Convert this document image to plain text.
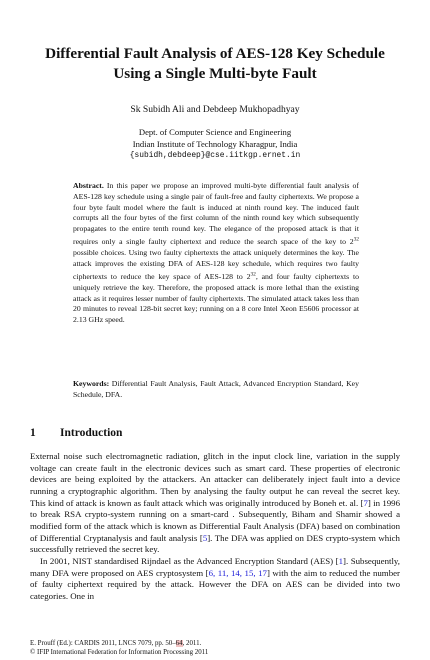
Differential Fault Analysis of AES-128 Key Schedule Using a Single Multi-byte Fault
Sk Subidh Ali and Debdeep Mukhopadhyay
Dept. of Computer Science and Engineering
Indian Institute of Technology Kharagpur, India
{subidh,debdeep}@cse.iitkgp.ernet.in
Abstract. In this paper we propose an improved multi-byte differential fault analysis of AES-128 key schedule using a single pair of fault-free and faulty ciphertexts. We propose a four byte fault model where the fault is induced at ninth round key. The induced fault corrupts all the four bytes of the first column of the ninth round key which subsequently propagates to the entire tenth round key. The elegance of the proposed attack is that it requires only a single faulty ciphertext and reduce the search space of the key to $2^{32}$ possible choices. Using two faulty ciphertexts the attack uniquely determines the key. The attack improves the existing DFA of AES-128 key schedule, which requires two faulty ciphertexts to reduce the key space of AES-128 to $2^{32}$, and four faulty ciphertexts to uniquely retrieve the key. Therefore, the proposed attack is more lethal than the existing attack as it requires lesser number of faulty ciphertexts. The simulated attack takes less than 20 minutes to reveal 128-bit secret key; running on a 8 core Intel Xeon E5606 processor at 2.13 GHz speed.
Keywords: Differential Fault Analysis, Fault Attack, Advanced Encryption Standard, Key Schedule, DFA.
1 Introduction

External noise such electromagnetic radiation, glitch in the input clock line, variation in the supply voltage can create fault in the electronic devices such as smart card. These properties of electronic devices are being exploited by the attackers. An attacker can deliberately inject fault into a device running a cryptographic algorithm. Then by analysing the faulty output he can reveal the secret key. This kind of attack is known as fault attack which was originally introduced by Boneh et. al. [7] in 1996 to break RSA crypto-system running on a smart-card . Subsequently, Biham and Shamir showed a modified form of the attack which is known as Differential Fault Analysis (DFA) based on combination of Differential Cryptanalysis and fault analysis [5]. The DFA was applied on DES crypto-system which successfully retrieved the secret key.

In 2001, NIST standardised Rijndael as the Advanced Encryption Standard (AES) [1]. Subsequently, many DFA were proposed on AES cryptosystem [6, 11, 14, 15, 17] with the aim to reduced the number of faulty ciphertext required by the attack. However the DFA on AES can be divided into two categories. One in

E. Prouff (Ed.): CARDIS 2011, LNCS 7079, pp. 50–64, 2011.
© IFIP International Federation for Information Processing 2011
